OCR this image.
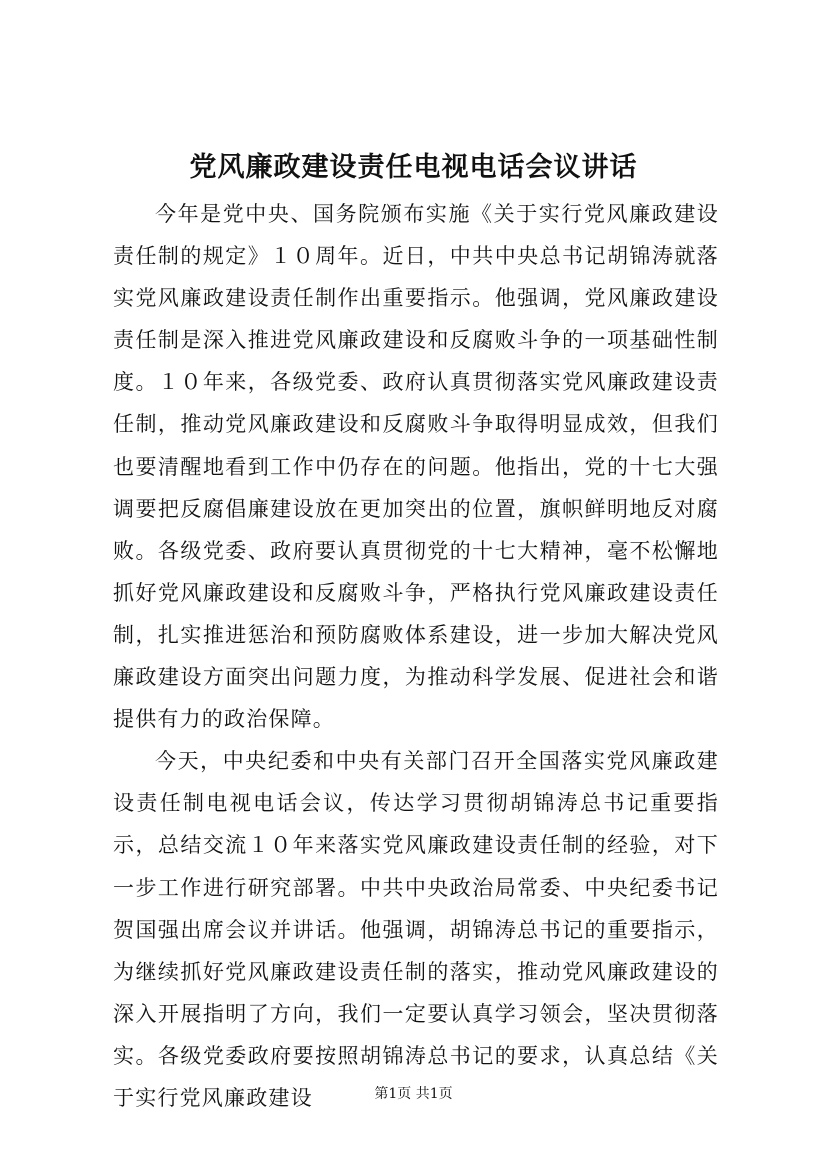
党风廉政建设责任电视电话会议讲话

今年是党中央、国务院颁布实施《关于实行党风廉政建设责任制的规定》１０周年。近日，中共中央总书记胡锦涛就落实党风廉政建设责任制作出重要指示。他强调，党风廉政建设责任制是深入推进党风廉政建设和反腐败斗争的一项基础性制度。１０年来，各级党委、政府认真贯彻落实党风廉政建设责任制，推动党风廉政建设和反腐败斗争取得明显成效，但我们也要清醒地看到工作中仍存在的问题。他指出，党的十七大强调要把反腐倡廉建设放在更加突出的位置，旗帜鲜明地反对腐败。各级党委、政府要认真贯彻党的十七大精神，毫不松懈地抓好党风廉政建设和反腐败斗争，严格执行党风廉政建设责任制，扎实推进惩治和预防腐败体系建设，进一步加大解决党风廉政建设方面突出问题力度，为推动科学发展、促进社会和谐提供有力的政治保障。

今天，中央纪委和中央有关部门召开全国落实党风廉政建设责任制电视电话会议，传达学习贯彻胡锦涛总书记重要指示，总结交流１０年来落实党风廉政建设责任制的经验，对下一步工作进行研究部署。中共中央政治局常委、中央纪委书记贺国强出席会议并讲话。他强调，胡锦涛总书记的重要指示，为继续抓好党风廉政建设责任制的落实，推动党风廉政建设的深入开展指明了方向，我们一定要认真学习领会，坚决贯彻落实。各级党委政府要按照胡锦涛总书记的要求，认真总结《关于实行党风廉政建设	第1页 共1页
